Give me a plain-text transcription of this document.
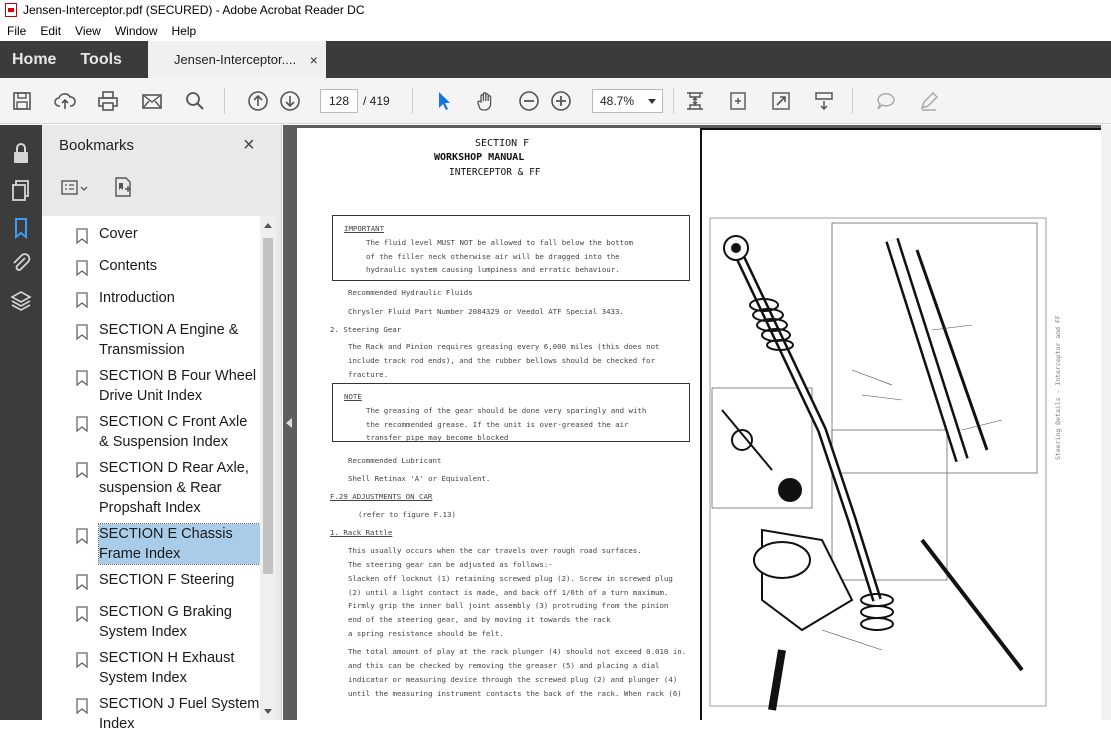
Jensen-Interceptor.pdf (SECURED) - Adobe Acrobat Reader DC
File	Edit	View	Window	Help
Home	Tools	Jensen-Interceptor.... ×
128	/ 419	48.7%
Bookmarks	×
Cover
Contents
Introduction
SECTION A Engine & Transmission
SECTION B Four Wheel Drive Unit Index
SECTION C Front Axle & Suspension Index
SECTION D Rear Axle, suspension & Rear Propshaft Index
SECTION E Chassis Frame Index
SECTION F Steering
SECTION G Braking System Index
SECTION H Exhaust System Index
SECTION J Fuel System Index
SECTION F
WORKSHOP MANUAL
INTERCEPTOR & FF
IMPORTANT
The fluid level MUST NOT be allowed to fall below the bottom
of the filler neck otherwise air will be dragged into the
hydraulic system causing lumpiness and erratic behaviour.
Recommended Hydraulic Fluids
Chrysler Fluid Part Number 2084329 or Veedol ATF Special 3433.
2. Steering Gear
The Rack and Pinion requires greasing every 6,000 miles (this does not
include track rod ends), and the rubber bellows should be checked for
fracture.
NOTE
The greasing of the gear should be done very sparingly and with
the recommended grease. If the unit is over-greased the air
transfer pipe may become blocked
Recommended Lubricant
Shell Retinax 'A' or Equivalent.
F.29 ADJUSTMENTS ON CAR
(refer to figure F.13)
1. Rack Rattle
This usually occurs when the car travels over rough road surfaces.
The steering gear can be adjusted as follows:-
Slacken off locknut (1) retaining screwed plug (2). Screw in screwed plug
(2) until a light contact is made, and back off 1/6th of a turn maximum.
Firmly grip the inner ball joint assembly (3) protruding from the pinion
end of the steering gear, and by moving it towards the rack
a spring resistance should be felt.
The total amount of play at the rack plunger (4) should not exceed 0.010 in.
and this can be checked by removing the greaser (5) and placing a dial
indicator or measuring device through the screwed plug (2) and plunger (4)
until the measuring instrument contacts the back of the rack. When rack (6)
Steering Details - Interceptor and FF
